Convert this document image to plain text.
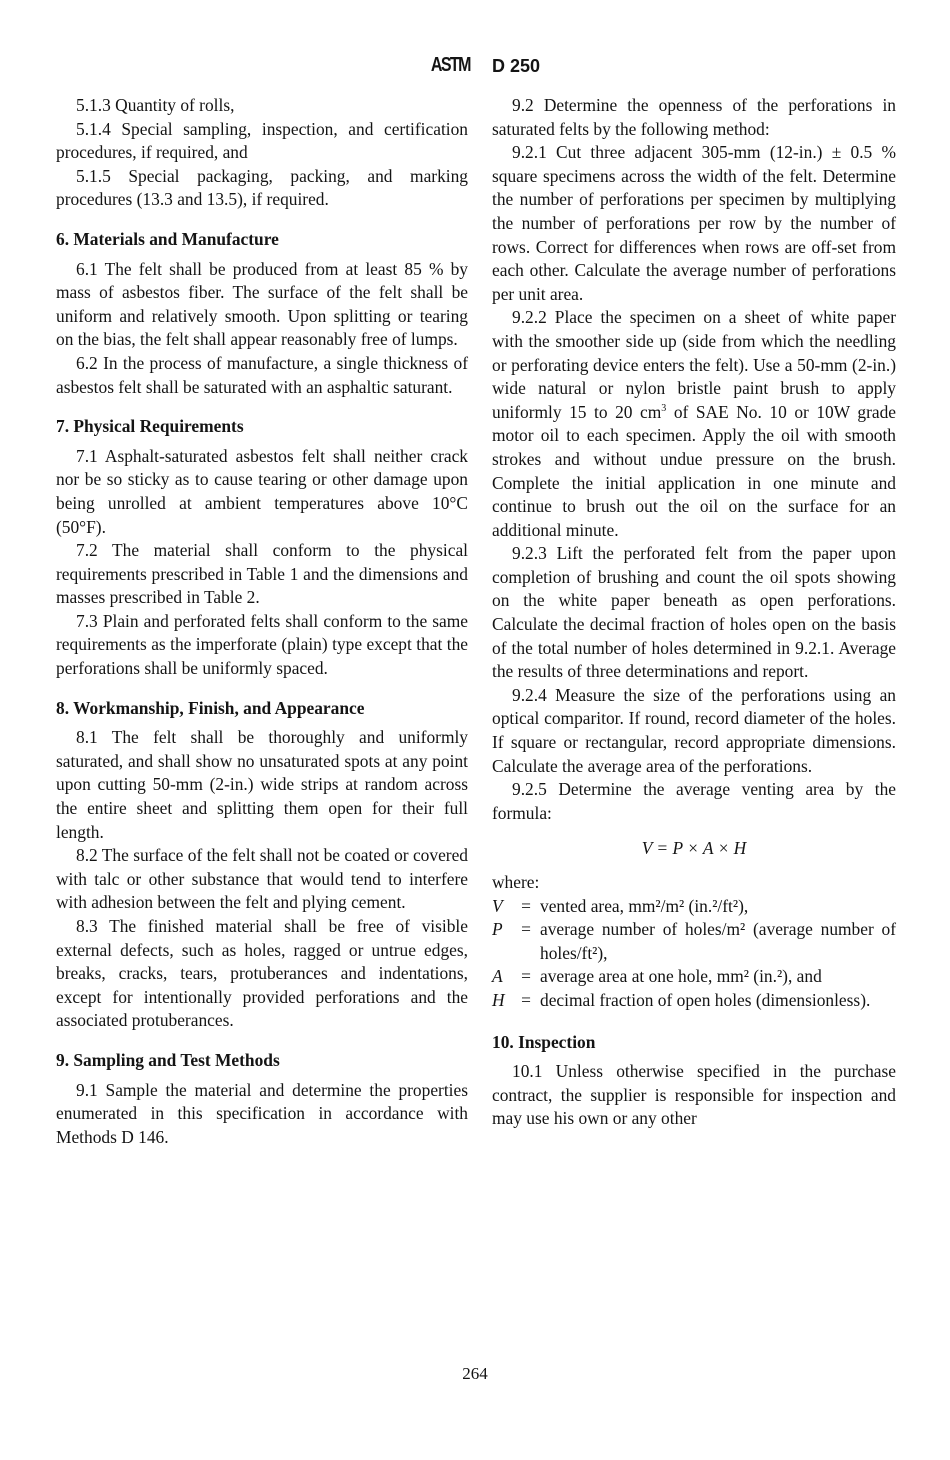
ASTM D 250

5.1.3 Quantity of rolls,

5.1.4 Special sampling, inspection, and certification procedures, if required, and

5.1.5 Special packaging, packing, and marking procedures (13.3 and 13.5), if required.

6. Materials and Manufacture

6.1 The felt shall be produced from at least 85 % by mass of asbestos fiber. The surface of the felt shall be uniform and relatively smooth. Upon splitting or tearing on the bias, the felt shall appear reasonably free of lumps.

6.2 In the process of manufacture, a single thickness of asbestos felt shall be saturated with an asphaltic saturant.

7. Physical Requirements

7.1 Asphalt-saturated asbestos felt shall neither crack nor be so sticky as to cause tearing or other damage upon being unrolled at ambient temperatures above 10°C (50°F).

7.2 The material shall conform to the physical requirements prescribed in Table 1 and the dimensions and masses prescribed in Table 2.

7.3 Plain and perforated felts shall conform to the same requirements as the imperforate (plain) type except that the perforations shall be uniformly spaced.

8. Workmanship, Finish, and Appearance

8.1 The felt shall be thoroughly and uniformly saturated, and shall show no unsaturated spots at any point upon cutting 50-mm (2-in.) wide strips at random across the entire sheet and splitting them open for their full length.

8.2 The surface of the felt shall not be coated or covered with talc or other substance that would tend to interfere with adhesion between the felt and plying cement.

8.3 The finished material shall be free of visible external defects, such as holes, ragged or untrue edges, breaks, cracks, tears, protuberances and indentations, except for intentionally provided perforations and the associated protuberances.

9. Sampling and Test Methods

9.1 Sample the material and determine the properties enumerated in this specification in accordance with Methods D 146.

9.2 Determine the openness of the perforations in saturated felts by the following method:

9.2.1 Cut three adjacent 305-mm (12-in.) ± 0.5 % square specimens across the width of the felt. Determine the number of perforations per specimen by multiplying the number of perforations per row by the number of rows. Correct for differences when rows are off-set from each other. Calculate the average number of perforations per unit area.

9.2.2 Place the specimen on a sheet of white paper with the smoother side up (side from which the needling or perforating device enters the felt). Use a 50-mm (2-in.) wide natural or nylon bristle paint brush to apply uniformly 15 to 20 $cm^3$ of SAE No. 10 or 10W grade motor oil to each specimen. Apply the oil with smooth strokes and without undue pressure on the brush. Complete the initial application in one minute and continue to brush out the oil on the surface for an additional minute.

9.2.3 Lift the perforated felt from the paper upon completion of brushing and count the oil spots showing on the white paper beneath as open perforations. Calculate the decimal fraction of holes open on the basis of the total number of holes determined in 9.2.1. Average the results of three determinations and report.

9.2.4 Measure the size of the perforations using an optical comparitor. If round, record diameter of the holes. If square or rectangular, record appropriate dimensions. Calculate the average area of the perforations.

9.2.5 Determine the average venting area by the formula:

V = P × A × H

where:

V	= vented area, mm²/m² (in.²/ft²),
P	= average number of holes/m² (average number of holes/ft²),
A	= average area at one hole, mm² (in.²), and
H = decimal fraction of open holes (dimensionless).
10. Inspection

10.1 Unless otherwise specified in the purchase contract, the supplier is responsible for inspection and may use his own or any other

264
